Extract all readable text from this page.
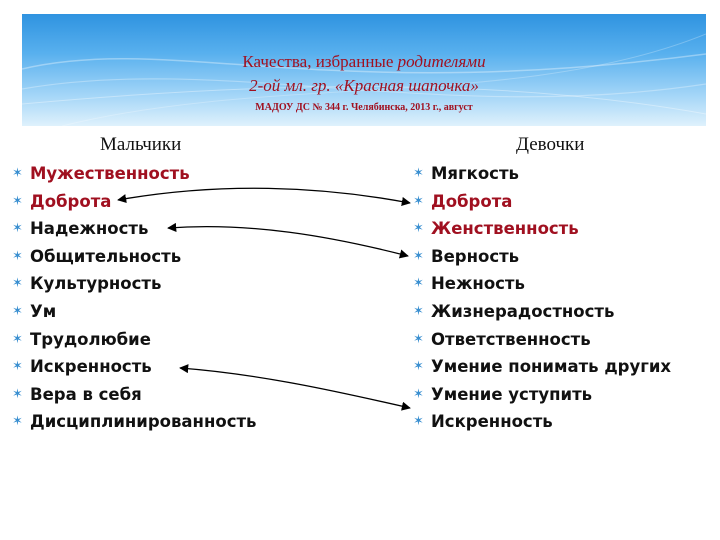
Качества, избранные родителями
2-ой мл. гр. «Красная шапочка»
МАДОУ ДС № 344 г. Челябинска, 2013 г., август
Мальчики	Девочки
✶ Мужественность
✶ Доброта
✶ Надежность
✶ Общительность
✶ Культурность
✶ Ум
✶ Трудолюбие
✶ Искренность
✶ Вера в себя
✶ Дисциплинированность
✶ Мягкость
✶ Доброта
✶ Женственность
✶ Верность
✶ Нежность
✶ Жизнерадостность
✶ Ответственность
✶ Умение понимать других
✶ Умение уступить
✶ Искренность
